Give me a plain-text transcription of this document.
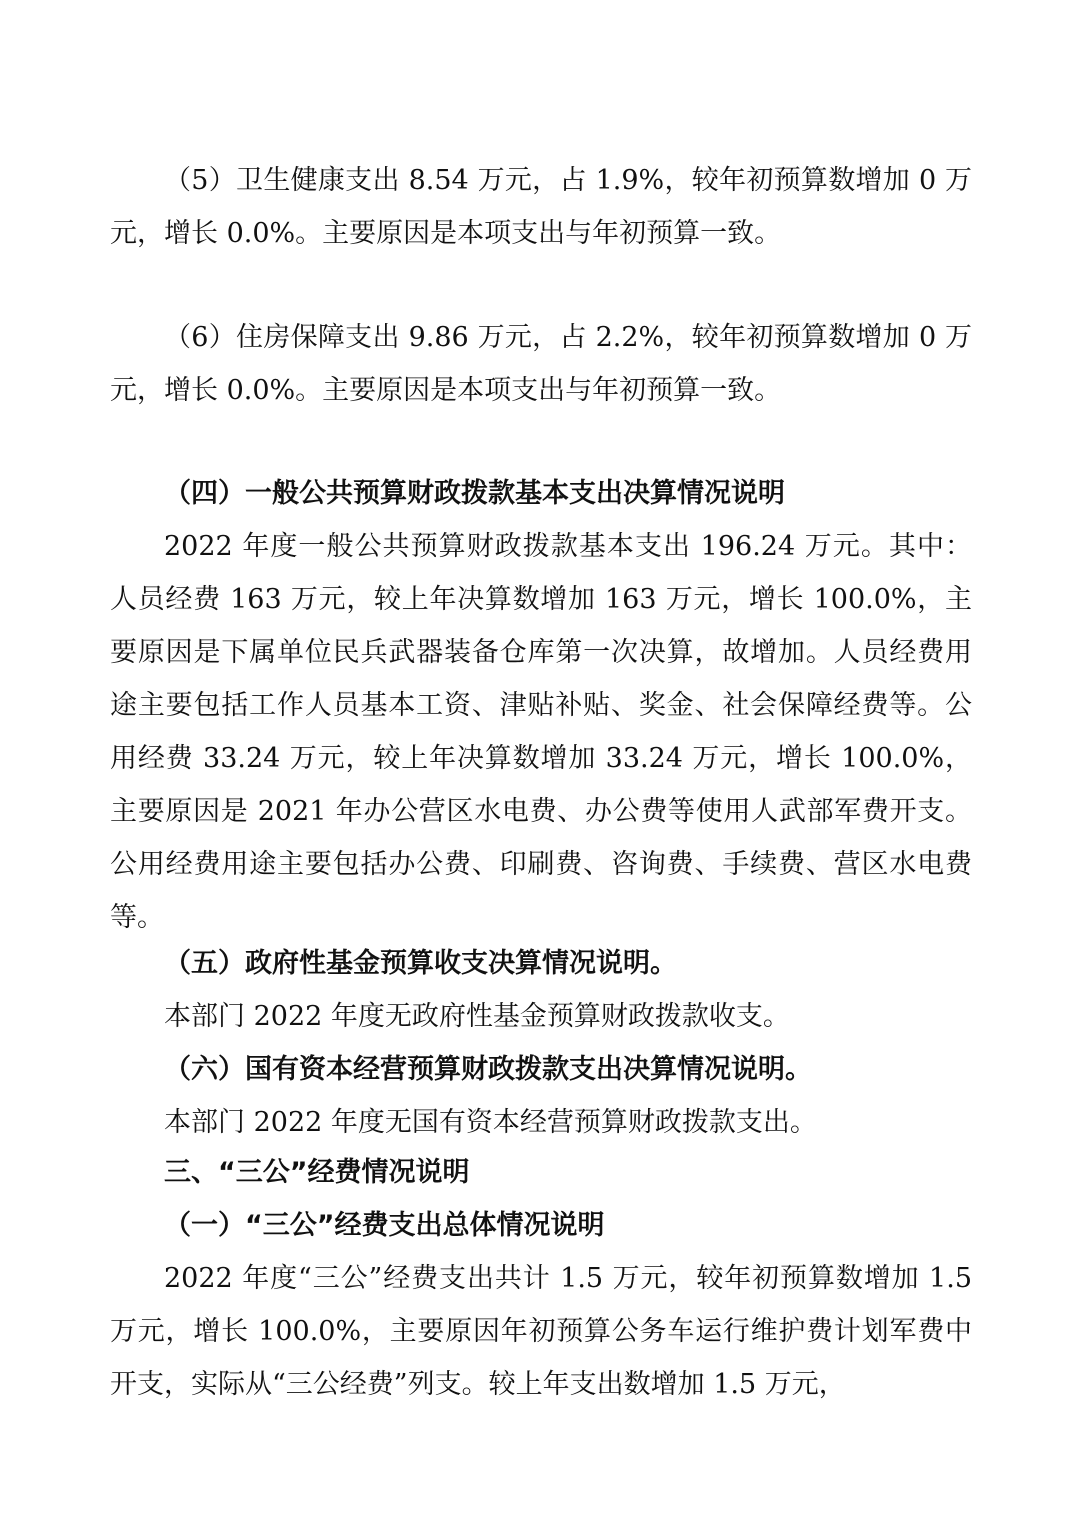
（5）卫生健康支出 8.54 万元，占 1.9%，较年初预算数增加 0 万元，增长 0.0%。主要原因是本项支出与年初预算一致。

（6）住房保障支出 9.86 万元，占 2.2%，较年初预算数增加 0 万元，增长 0.0%。主要原因是本项支出与年初预算一致。

（四）一般公共预算财政拨款基本支出决算情况说明

2022 年度一般公共预算财政拨款基本支出 196.24 万元。其中：人员经费 163 万元，较上年决算数增加 163 万元，增长 100.0%，主要原因是下属单位民兵武器装备仓库第一次决算，故增加。人员经费用途主要包括工作人员基本工资、津贴补贴、奖金、社会保障经费等。公用经费 33.24 万元，较上年决算数增加 33.24 万元，增长 100.0%，主要原因是 2021 年办公营区水电费、办公费等使用人武部军费开支。公用经费用途主要包括办公费、印刷费、咨询费、手续费、营区水电费等。

（五）政府性基金预算收支决算情况说明。

本部门 2022 年度无政府性基金预算财政拨款收支。

（六）国有资本经营预算财政拨款支出决算情况说明。

本部门 2022 年度无国有资本经营预算财政拨款支出。

三、“三公”经费情况说明

（一）“三公”经费支出总体情况说明

2022 年度“三公”经费支出共计 1.5 万元，较年初预算数增加 1.5 万元，增长 100.0%，主要原因年初预算公务车运行维护费计划军费中开支，实际从“三公经费”列支。较上年支出数增加 1.5 万元，
